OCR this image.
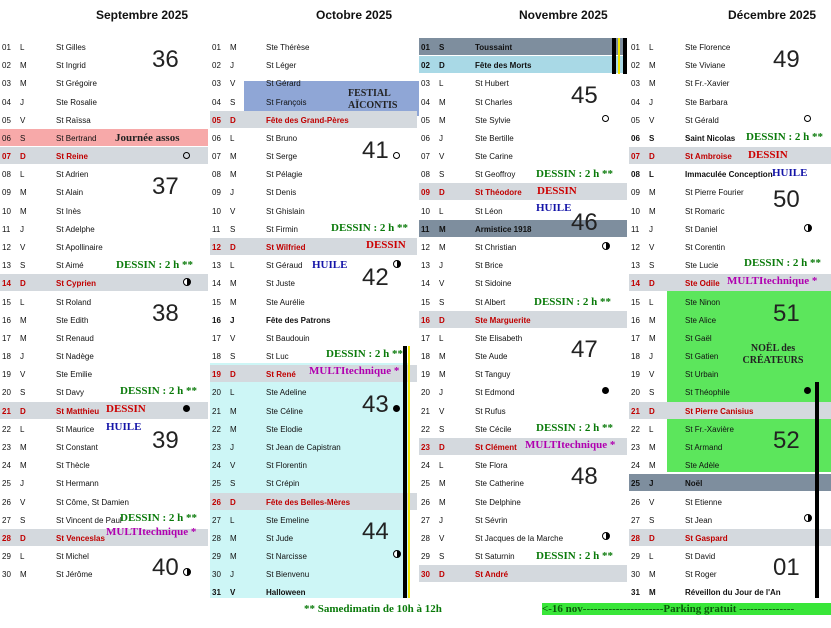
Septembre 2025	Octobre 2025	Novembre 2025	Décembre 2025
01 L	St Gilles
02 M	St Ingrid
03 M	St Grégoire
04 J	Ste Rosalie
05 V	St Raïssa
06 S	St Bertrand
07 D	St Reine
08 L	St Adrien
09 M	St Alain
10 M	St Inès
11 J	St Adelphe
12 V	St Apollinaire
13 S	St Aimé
14 D	St Cyprien
15 L	St Roland
16 M	Ste Edith
17 M	St Renaud
18 J	St Nadège
19 V	Ste Emilie
20 S	St Davy
21 D	St Matthieu
22 L	St Maurice
23 M	St Constant
24 M	St Thècle
25 J	St Hermann
26 V	St Côme, St Damien
27 S	St Vincent de Paul
28 D	St Venceslas
29 L	St Michel
30 M	St Jérôme
01 M	Ste Thérèse
02 J	St Léger
03 V	St Gérard
04 S	St François
05 D	Fête des Grand-Pères
06 L	St Bruno
07 M	St Serge
08 M	St Pélagie
09 J	St Denis
10 V	St Ghislain
11 S	St Firmin
12 D	St Wilfried
13 L	St Géraud
14 M	St Juste
15 M	Ste Aurélie
16 J	Fête des Patrons
17 V	St Baudouin
18 S	St Luc
19 D	St René
20 L	Ste Adeline
21 M	Ste Céline
22 M	Ste Elodie
23 J	St Jean de Capistran
24 V	St Florentin
25 S	St Crépin
26 D	Fête des Belles-Mères
27 L	Ste Emeline
28 M	St Jude
29 M	St Narcisse
30 J	St Bienvenu
31 V	Halloween
01 S	Toussaint
02 D	Fête des Morts
03 L	St Hubert
04 M	St Charles
05 M	Ste Sylvie
06 J	Ste Bertille
07 V	Ste Carine
08 S	St Geoffroy
09 D	St Théodore
10 L	St Léon
11 M	Armistice 1918
12 M	St Christian
13 J	St Brice
14 V	St Sidoine
15 S	St Albert
16 D	Ste Marguerite
17 L	Ste Elisabeth
18 M	Ste Aude
19 M	St Tanguy
20 J	St Edmond
21 V	St Rufus
22 S	Ste Cécile
23 D	St Clément
24 L	Ste Flora
25 M	Ste Catherine
26 M	Ste Delphine
27 J	St Sévrin
28 V	St Jacques de la Marche
29 S	St Saturnin
30 D	St André
01 L	Ste Florence
02 M	Ste Viviane
03 M	St Fr.-Xavier
04 J	Ste Barbara
05 V	St Gérald
06 S	Saint Nicolas
07 D	St Ambroise
08 L	Immaculée Conception
09 M	St Pierre Fourier
10 M	St Romaric
11 J	St Daniel
12 V	St Corentin
13 S	Ste Lucie
14 D	Ste Odile
15 L	Ste Ninon
16 M	Ste Alice
17 M	St Gaël
18 J	St Gatien
19 V	St Urbain
20 S	St Théophile
21 D	St Pierre Canisius
22 L	St Fr.-Xavière
23 M	St Armand
24 M	Ste Adèle
25 J	Noël
26 V	St Etienne
27 S	St Jean
28 D	St Gaspard
29 L	St David
30 M	St Roger
31 M	Réveillon du Jour de l'An
36
37
38
39
40
41
42
43
44
45
46
47
48
49
50
51
52
01
Journée assos
FESTIAL AÏCONTIS
DESSIN : 2 h **
DESSIN : 2 h **
DESSIN
HUILE
DESSIN : 2 h **
MULTItechnique *
DESSIN : 2 h **
DESSIN
HUILE
DESSIN : 2 h **
MULTItechnique *
DESSIN : 2 h **
DESSIN
HUILE
DESSIN : 2 h **
DESSIN : 2 h **
MULTItechnique *
DESSIN : 2 h **
DESSIN : 2 h **
DESSIN
HUILE
DESSIN : 2 h **
MULTItechnique *
NOËL des CRÉATEURS
** Samedimatin de 10h à 12h	<-16 nov----------------------Parking gratuit ---------------
